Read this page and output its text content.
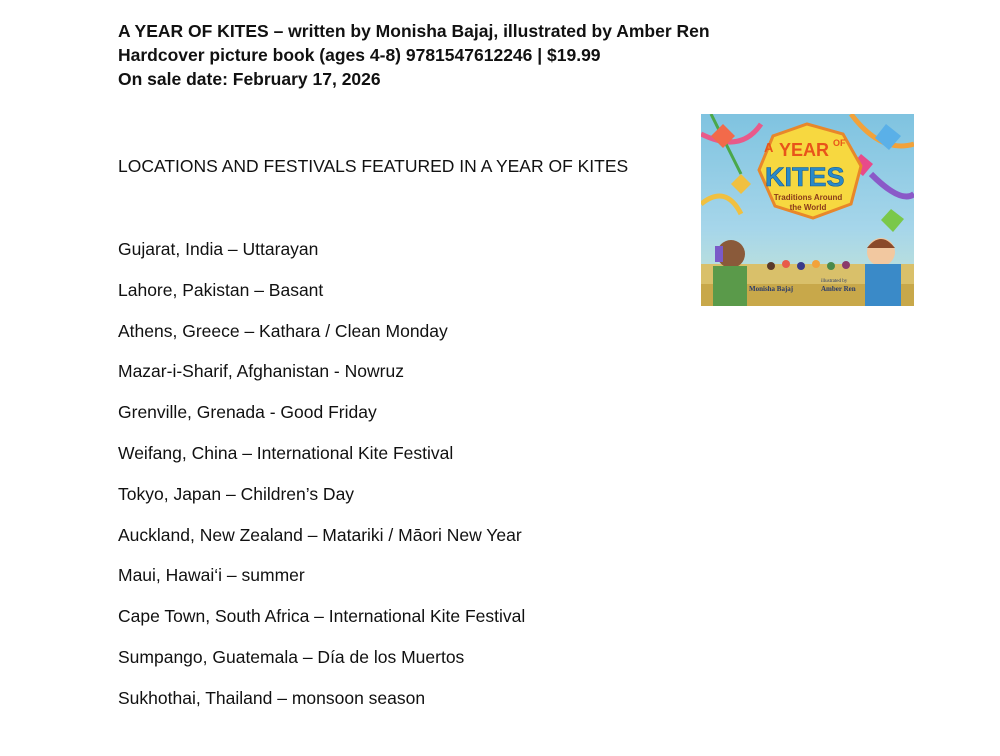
A YEAR OF KITES – written by Monisha Bajaj, illustrated by Amber Ren
Hardcover picture book (ages 4-8) 9781547612246 | $19.99
On sale date: February 17, 2026
LOCATIONS AND FESTIVALS FEATURED IN A YEAR OF KITES
Gujarat, India – Uttarayan
Lahore, Pakistan – Basant
Athens, Greece – Kathara / Clean Monday
Mazar-i-Sharif, Afghanistan - Nowruz
Grenville, Grenada - Good Friday
Weifang, China – International Kite Festival
Tokyo, Japan – Children’s Day
Auckland, New Zealand – Matariki / Māori New Year
Maui, Hawai‘i – summer
Cape Town, South Africa – International Kite Festival
Sumpango, Guatemala – Día de los Muertos
Sukhothai, Thailand – monsoon season
A YEAR OF
KITES
Traditions Around
the World
Monisha Bajaj
illustrated by
Amber Ren
